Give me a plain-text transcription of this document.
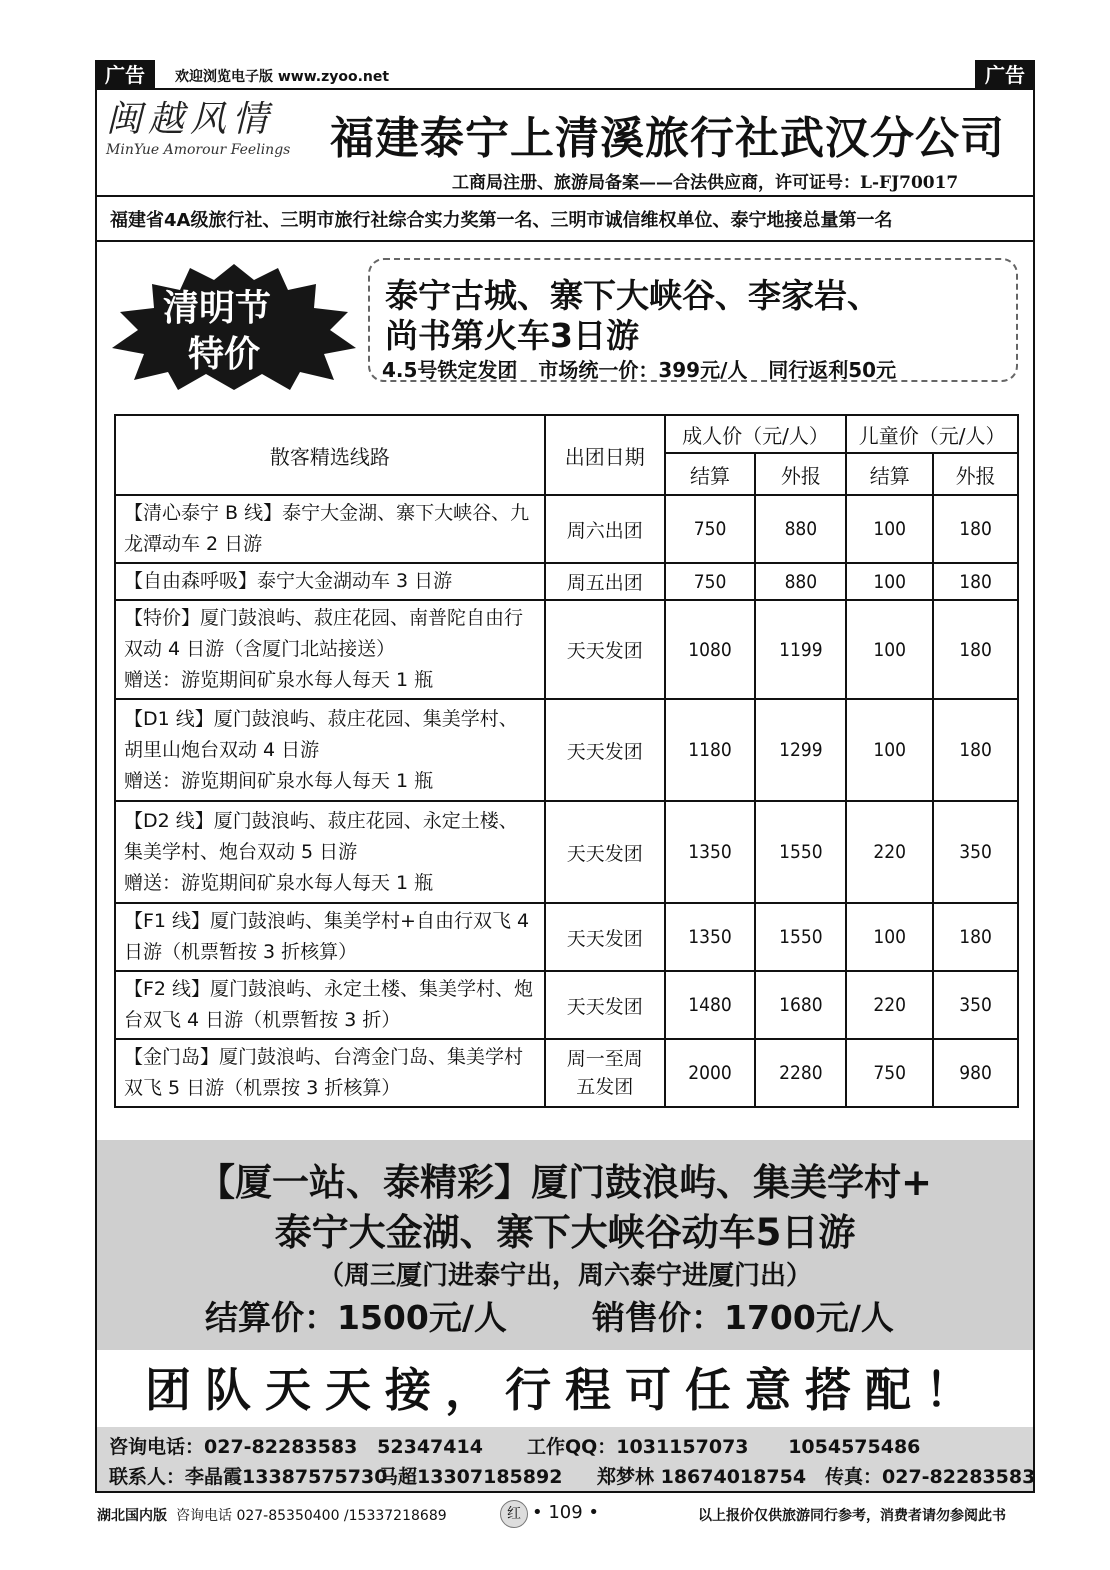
广告	欢迎浏览电子版 www.zyoo.net	广告
闽越风情
MinYue Amorour Feelings 福建泰宁上清溪旅行社武汉分公司
工商局注册、旅游局备案——合法供应商，许可证号：L-FJ70017
福建省4A级旅行社、三明市旅行社综合实力奖第一名、三明市诚信维权单位、泰宁地接总量第一名
清明节
特价
泰宁古城、寨下大峡谷、李家岩、
尚书第火车3日游
4.5号铁定发团   市场统一价：399元/人   同行返利50元
散客精选线路	出团日期	成人价（元/人）		儿童价（元/人）	
		结算	外报	结算	外报
【清心泰宁 B 线】泰宁大金湖、寨下大峡谷、九龙潭动车 2 日游	周六出团	750	880	100	180
【自由森呼吸】泰宁大金湖动车 3 日游	周五出团	750	880	100	180
【特价】厦门鼓浪屿、菽庄花园、南普陀自由行双动 4 日游（含厦门北站接送）
赠送：游览期间矿泉水每人每天 1 瓶	天天发团	1080	1199	100	180
【D1 线】厦门鼓浪屿、菽庄花园、集美学村、胡里山炮台双动 4 日游
赠送：游览期间矿泉水每人每天 1 瓶	天天发团	1180	1299	100	180
【D2 线】厦门鼓浪屿、菽庄花园、永定土楼、集美学村、炮台双动 5 日游
赠送：游览期间矿泉水每人每天 1 瓶	天天发团	1350	1550	220	350
【F1 线】厦门鼓浪屿、集美学村+自由行双飞 4 日游（机票暂按 3 折核算）	天天发团	1350	1550	100	180
【F2 线】厦门鼓浪屿、永定土楼、集美学村、炮台双飞 4 日游（机票暂按 3 折）	天天发团	1480	1680	220	350
【金门岛】厦门鼓浪屿、台湾金门岛、集美学村双飞 5 日游（机票按 3 折核算）	周一至周五发团	2000	2280	750	980
【厦一站、泰精彩】厦门鼓浪屿、集美学村+
泰宁大金湖、寨下大峡谷动车5日游
（周三厦门进泰宁出，周六泰宁进厦门出）
结算价：1500元/人	销售价：1700元/人
团队天天接，行程可任意搭配！
咨询电话：027-82283583   52347414 工作QQ：1031157073      1054575486
联系人：李晶霞13387575730
马超13307185892 郑梦林 18674018754 传真：027-82283583
湖北国内版 咨询电话 027-85350400 /15337218689	红 • 109 •	以上报价仅供旅游同行参考，消费者请勿参阅此书
